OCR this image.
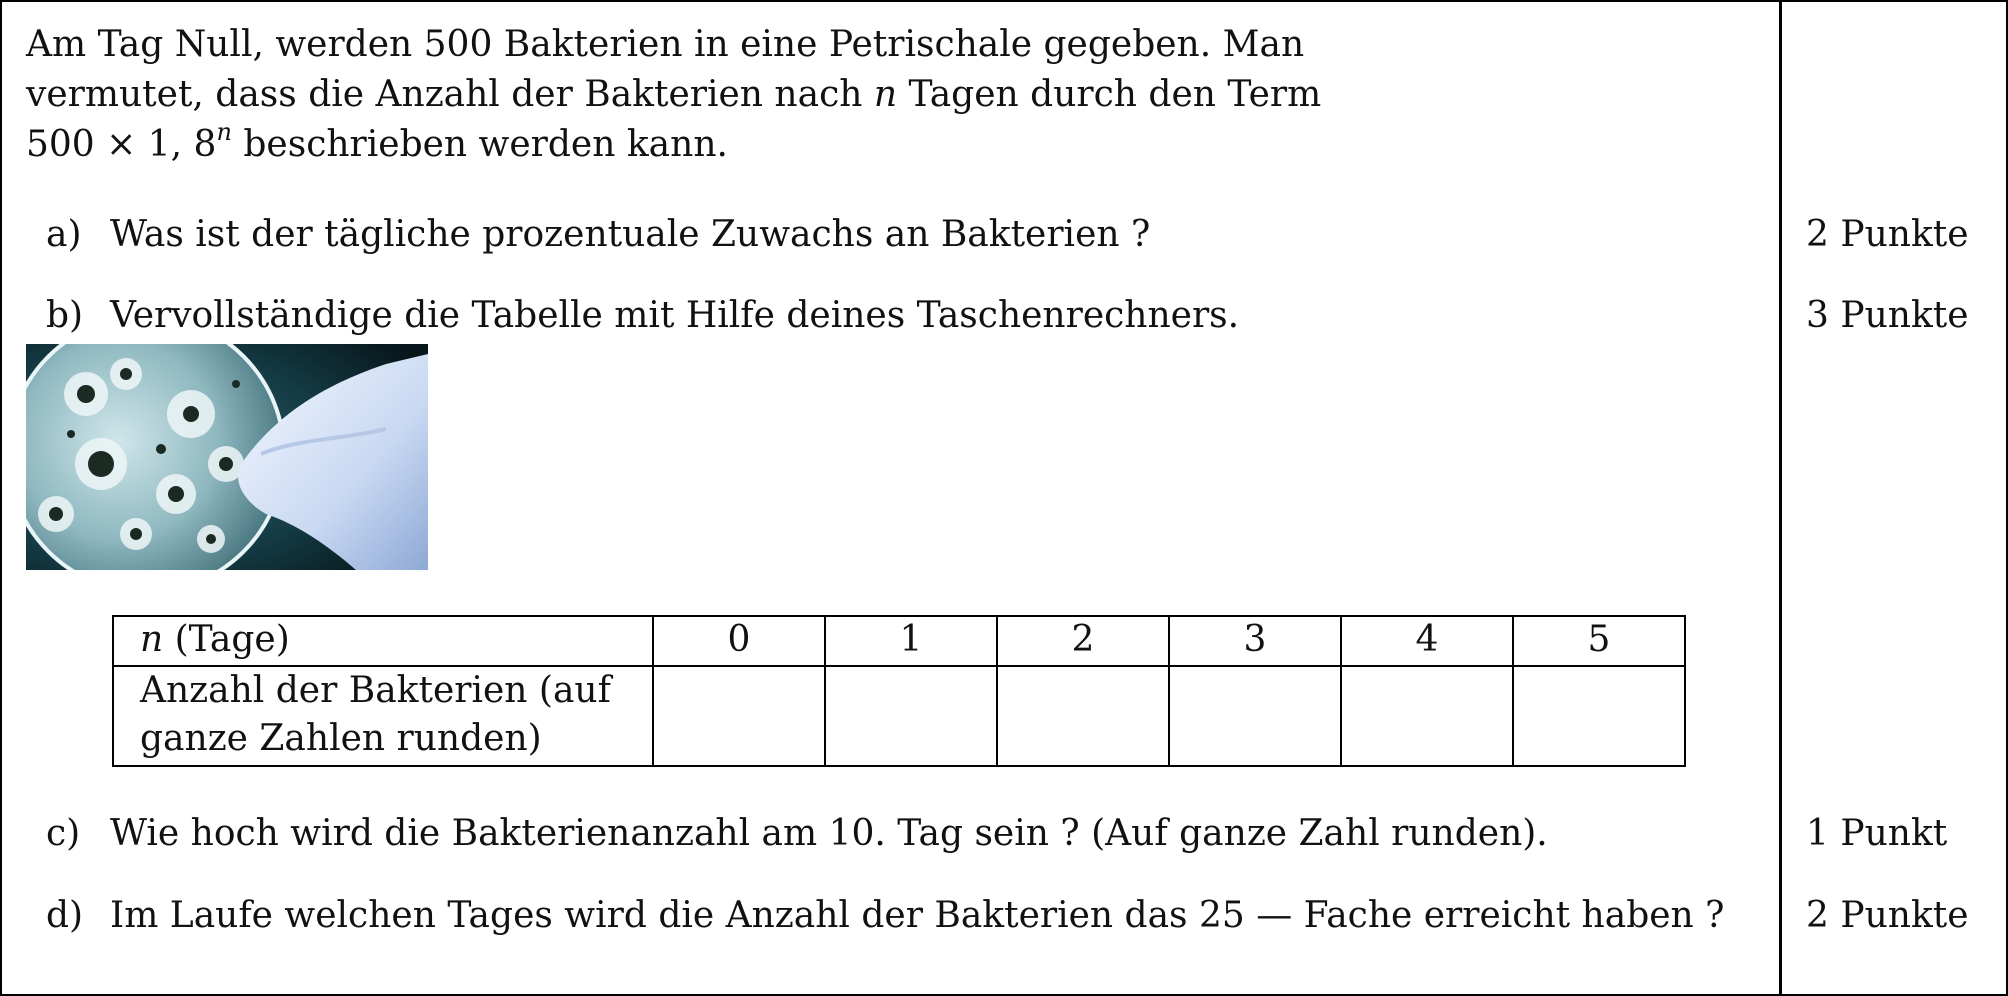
Am Tag Null, werden 500 Bakterien in eine Petrischale gegeben. Man
vermutet, dass die Anzahl der Bakterien nach n Tagen durch den Term
500 × 1, 8$^n$ beschrieben werden kann.
a) Was ist der tägliche prozentuale Zuwachs an Bakterien ?	2 Punkte
b) Vervollständige die Tabelle mit Hilfe deines Taschenrechners.	3 Punkte
n (Tage)	0	1	2	3	4	5
Anzahl der Bakterien (auf ganze Zahlen runden)						
c) Wie hoch wird die Bakterienanzahl am 10. Tag sein ? (Auf ganze Zahl runden).	1 Punkt
d) Im Laufe welchen Tages wird die Anzahl der Bakterien das 25 — Fache erreicht haben ? 2 Punkte
